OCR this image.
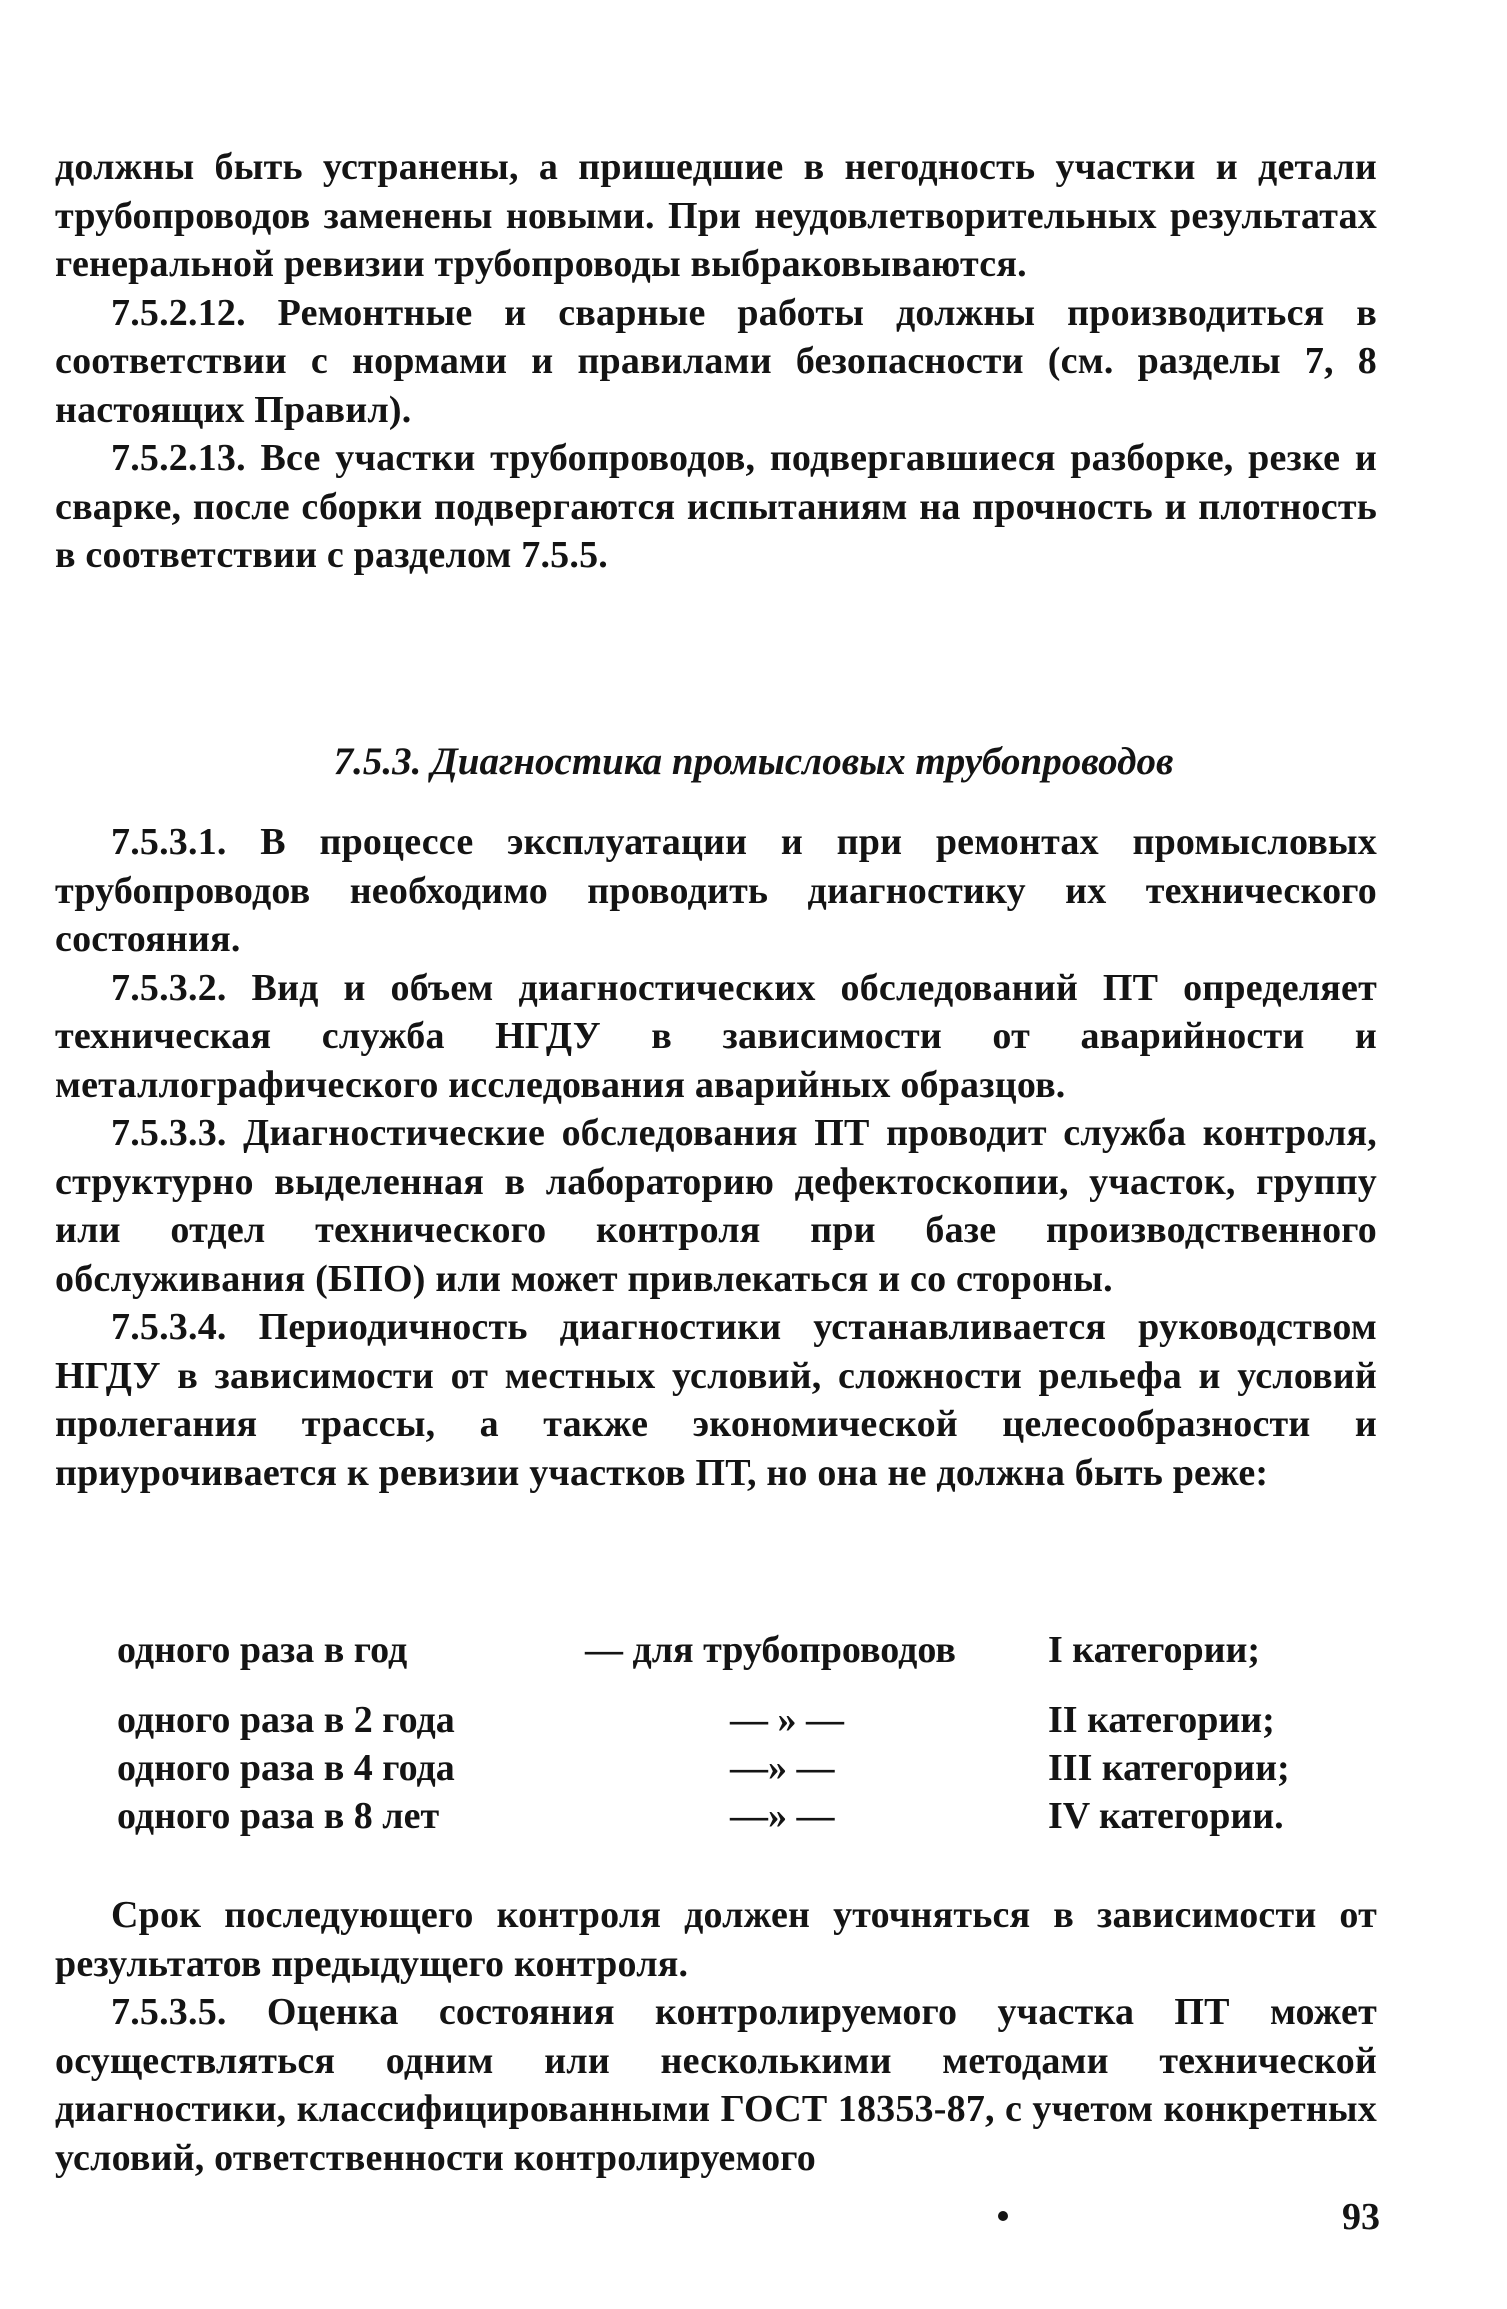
должны быть устранены, а пришедшие в негодность участки и детали трубопроводов заменены новыми. При неудовлетворительных результатах генеральной ревизии трубопроводы выбраковываются.

7.5.2.12. Ремонтные и сварные работы должны производиться в соответствии с нормами и правилами безопасности (см. разделы 7, 8 настоящих Правил).

7.5.2.13. Все участки трубопроводов, подвергавшиеся разборке, резке и сварке, после сборки подвергаются испытаниям на прочность и плотность в соответствии с разделом 7.5.5.

7.5.3. Диагностика промысловых трубопроводов

7.5.3.1. В процессе эксплуатации и при ремонтах промысловых трубопроводов необходимо проводить диагностику их технического состояния.

7.5.3.2. Вид и объем диагностических обследований ПТ определяет техническая служба НГДУ в зависимости от аварийности и металлографического исследования аварийных образцов.

7.5.3.3. Диагностические обследования ПТ проводит служба контроля, структурно выделенная в лабораторию дефектоскопии, участок, группу или отдел технического контроля при базе производственного обслуживания (БПО) или может привлекаться и со стороны.

7.5.3.4. Периодичность диагностики устанавливается руководством НГДУ в зависимости от местных условий, сложности рельефа и условий пролегания трассы, а также экономической целесообразности и приурочивается к ревизии участков ПТ, но она не должна быть реже:

одного раза в год	— для трубопроводов I категории;
одного раза в 2 года	— » —	II категории;
одного раза в 4 года	—» —	III категории;
одного раза в 8 лет	—» —	IV категории.

Срок последующего контроля должен уточняться в зависимости от результатов предыдущего контроля.

7.5.3.5. Оценка состояния контролируемого участка ПТ может осуществляться одним или несколькими методами технической диагностики, классифицированными ГОСТ 18353-87, с учетом конкретных условий, ответственности контролируемого

93
